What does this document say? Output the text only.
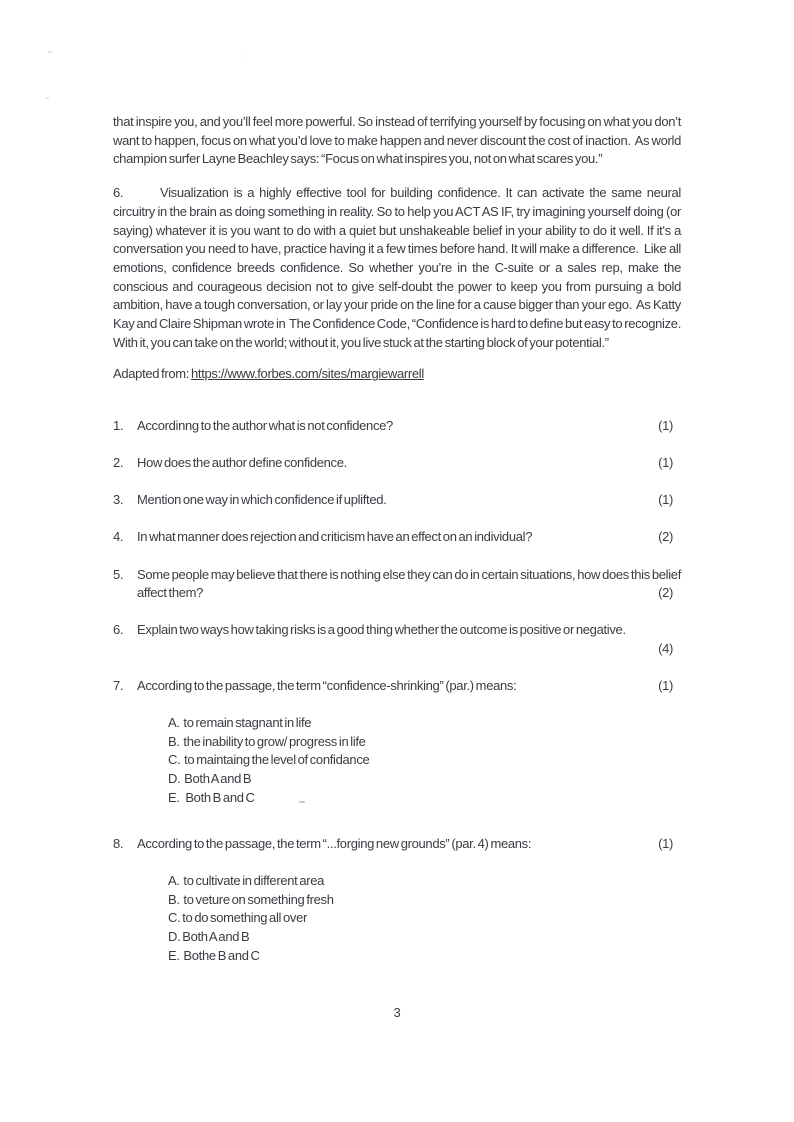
that inspire you, and you’ll feel more powerful. So instead of terrifying yourself by focusing on what you don’t want to happen, focus on what you’d love to make happen and never discount the cost of inaction.  As world champion surfer Layne Beachley says: “Focus on what inspires you, not on what scares you.”

6.	Visualization is a highly effective tool for building confidence. It can activate the same neural circuitry in the brain as doing something in reality. So to help you ACT AS IF, try imagining yourself doing (or saying) whatever it is you want to do with a quiet but unshakeable belief in your ability to do it well. If it's a conversation you need to have, practice having it a few times before hand. It will make a difference.  Like all emotions, confidence breeds confidence. So whether you’re in the C-suite or a sales rep, make the conscious and courageous decision not to give self-doubt the power to keep you from pursuing a bold ambition, have a tough conversation, or lay your pride on the line for a cause bigger than your ego.  As Katty Kay and Claire Shipman wrote in  The Confidence Code, “Confidence is hard to define but easy to recognize. With it, you can take on the world; without it, you live stuck at the starting block of your potential.”

Adapted from: https://www.forbes.com/sites/margiewarrell

1.	Accordinng to the author what is not confidence?	(1)
2.	How does the author define confidence.	(1)
3.	Mention one way in which confidence if uplifted.	(1)
4.	In what manner does rejection and criticism have an effect on an individual?	(2)
5.	Some people may believe that there is nothing else they can do in certain situations, how does this belief affect them?	(2)
6.	Explain two ways how taking risks is a good thing whether the outcome is positive or negative.
(4)
7.	According to the passage, the term “confidence-shrinking” (par.) means:	(1)
A.  to remain stagnant in life
B.  the inability to grow/ progress in life
C.  to maintaing the level of confidance
D.  Both A and B
E.   Both B and C
8.	According to the passage, the term “...forging new grounds” (par. 4) means:	(1)
A.  to cultivate in different area
B.  to veture on something fresh
C. to do something all over
D. Both A and B
E.  Bothe B and C
3
